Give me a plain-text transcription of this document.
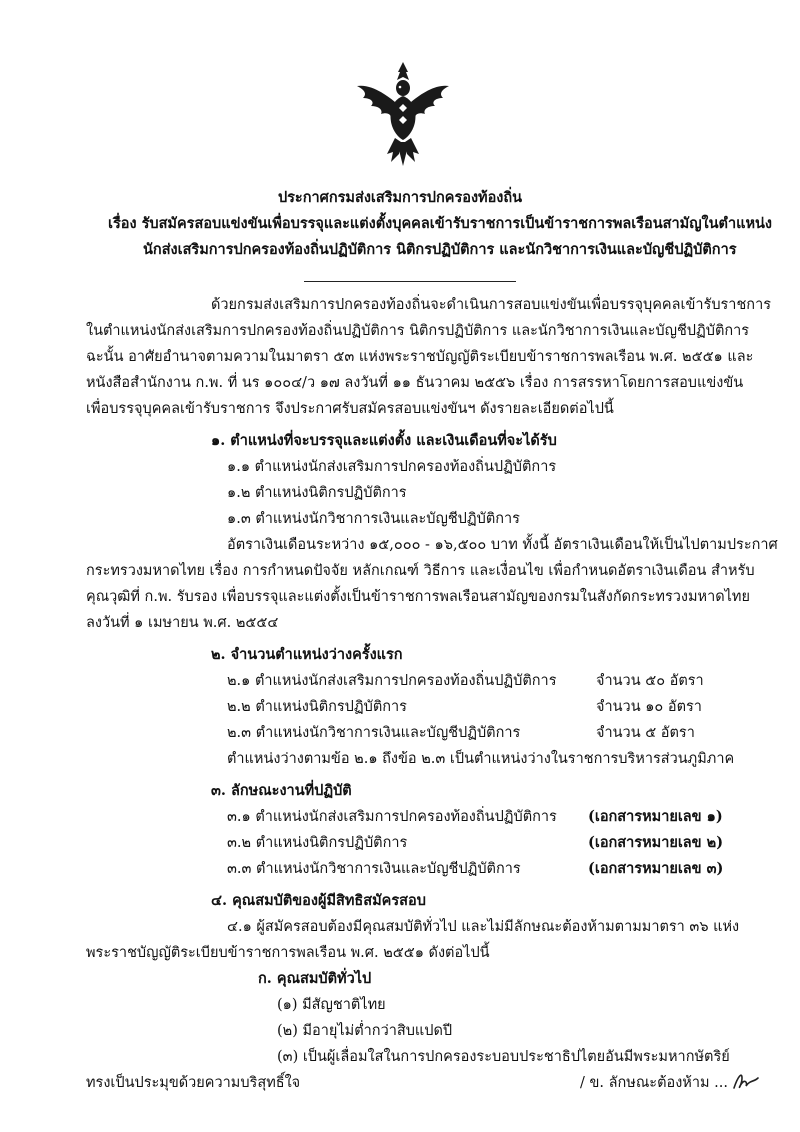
ประกาศกรมส่งเสริมการปกครองท้องถิ่น
เรื่อง รับสมัครสอบแข่งขันเพื่อบรรจุและแต่งตั้งบุคคลเข้ารับราชการเป็นข้าราชการพลเรือนสามัญในตำแหน่ง
นักส่งเสริมการปกครองท้องถิ่นปฏิบัติการ นิติกรปฏิบัติการ และนักวิชาการเงินและบัญชีปฏิบัติการ
ด้วยกรมส่งเสริมการปกครองท้องถิ่นจะดำเนินการสอบแข่งขันเพื่อบรรจุบุคคลเข้ารับราชการ
ในตำแหน่งนักส่งเสริมการปกครองท้องถิ่นปฏิบัติการ นิติกรปฏิบัติการ และนักวิชาการเงินและบัญชีปฏิบัติการ
ฉะนั้น อาศัยอำนาจตามความในมาตรา ๕๓ แห่งพระราชบัญญัติระเบียบข้าราชการพลเรือน พ.ศ. ๒๕๕๑ และ
หนังสือสำนักงาน ก.พ. ที่ นร ๑๐๐๔/ว ๑๗ ลงวันที่ ๑๑ ธันวาคม ๒๕๕๖ เรื่อง การสรรหาโดยการสอบแข่งขัน
เพื่อบรรจุบุคคลเข้ารับราชการ จึงประกาศรับสมัครสอบแข่งขันฯ ดังรายละเอียดต่อไปนี้
๑. ตำแหน่งที่จะบรรจุและแต่งตั้ง และเงินเดือนที่จะได้รับ
๑.๑ ตำแหน่งนักส่งเสริมการปกครองท้องถิ่นปฏิบัติการ
๑.๒ ตำแหน่งนิติกรปฏิบัติการ
๑.๓ ตำแหน่งนักวิชาการเงินและบัญชีปฏิบัติการ
อัตราเงินเดือนระหว่าง ๑๕,๐๐๐ - ๑๖,๕๐๐ บาท ทั้งนี้ อัตราเงินเดือนให้เป็นไปตามประกาศ
กระทรวงมหาดไทย เรื่อง การกำหนดปัจจัย หลักเกณฑ์ วิธีการ และเงื่อนไข เพื่อกำหนดอัตราเงินเดือน สำหรับ
คุณวุฒิที่ ก.พ. รับรอง เพื่อบรรจุและแต่งตั้งเป็นข้าราชการพลเรือนสามัญของกรมในสังกัดกระทรวงมหาดไทย
ลงวันที่ ๑ เมษายน พ.ศ. ๒๕๕๔
๒. จำนวนตำแหน่งว่างครั้งแรก
๒.๑ ตำแหน่งนักส่งเสริมการปกครองท้องถิ่นปฏิบัติการ	จำนวน ๕๐ อัตรา
๒.๒ ตำแหน่งนิติกรปฏิบัติการ	จำนวน ๑๐ อัตรา
๒.๓ ตำแหน่งนักวิชาการเงินและบัญชีปฏิบัติการ	จำนวน ๕ อัตรา
ตำแหน่งว่างตามข้อ ๒.๑ ถึงข้อ ๒.๓ เป็นตำแหน่งว่างในราชการบริหารส่วนภูมิภาค
๓. ลักษณะงานที่ปฏิบัติ
๓.๑ ตำแหน่งนักส่งเสริมการปกครองท้องถิ่นปฏิบัติการ (เอกสารหมายเลข ๑)
๓.๒ ตำแหน่งนิติกรปฏิบัติการ	(เอกสารหมายเลข ๒)
๓.๓ ตำแหน่งนักวิชาการเงินและบัญชีปฏิบัติการ	(เอกสารหมายเลข ๓)
๔. คุณสมบัติของผู้มีสิทธิสมัครสอบ
๔.๑ ผู้สมัครสอบต้องมีคุณสมบัติทั่วไป และไม่มีลักษณะต้องห้ามตามมาตรา ๓๖ แห่ง
พระราชบัญญัติระเบียบข้าราชการพลเรือน พ.ศ. ๒๕๕๑ ดังต่อไปนี้
ก. คุณสมบัติทั่วไป
(๑) มีสัญชาติไทย
(๒) มีอายุไม่ต่ำกว่าสิบแปดปี
(๓) เป็นผู้เลื่อมใสในการปกครองระบอบประชาธิปไตยอันมีพระมหากษัตริย์
ทรงเป็นประมุขด้วยความบริสุทธิ์ใจ	/ ข. ลักษณะต้องห้าม ...
